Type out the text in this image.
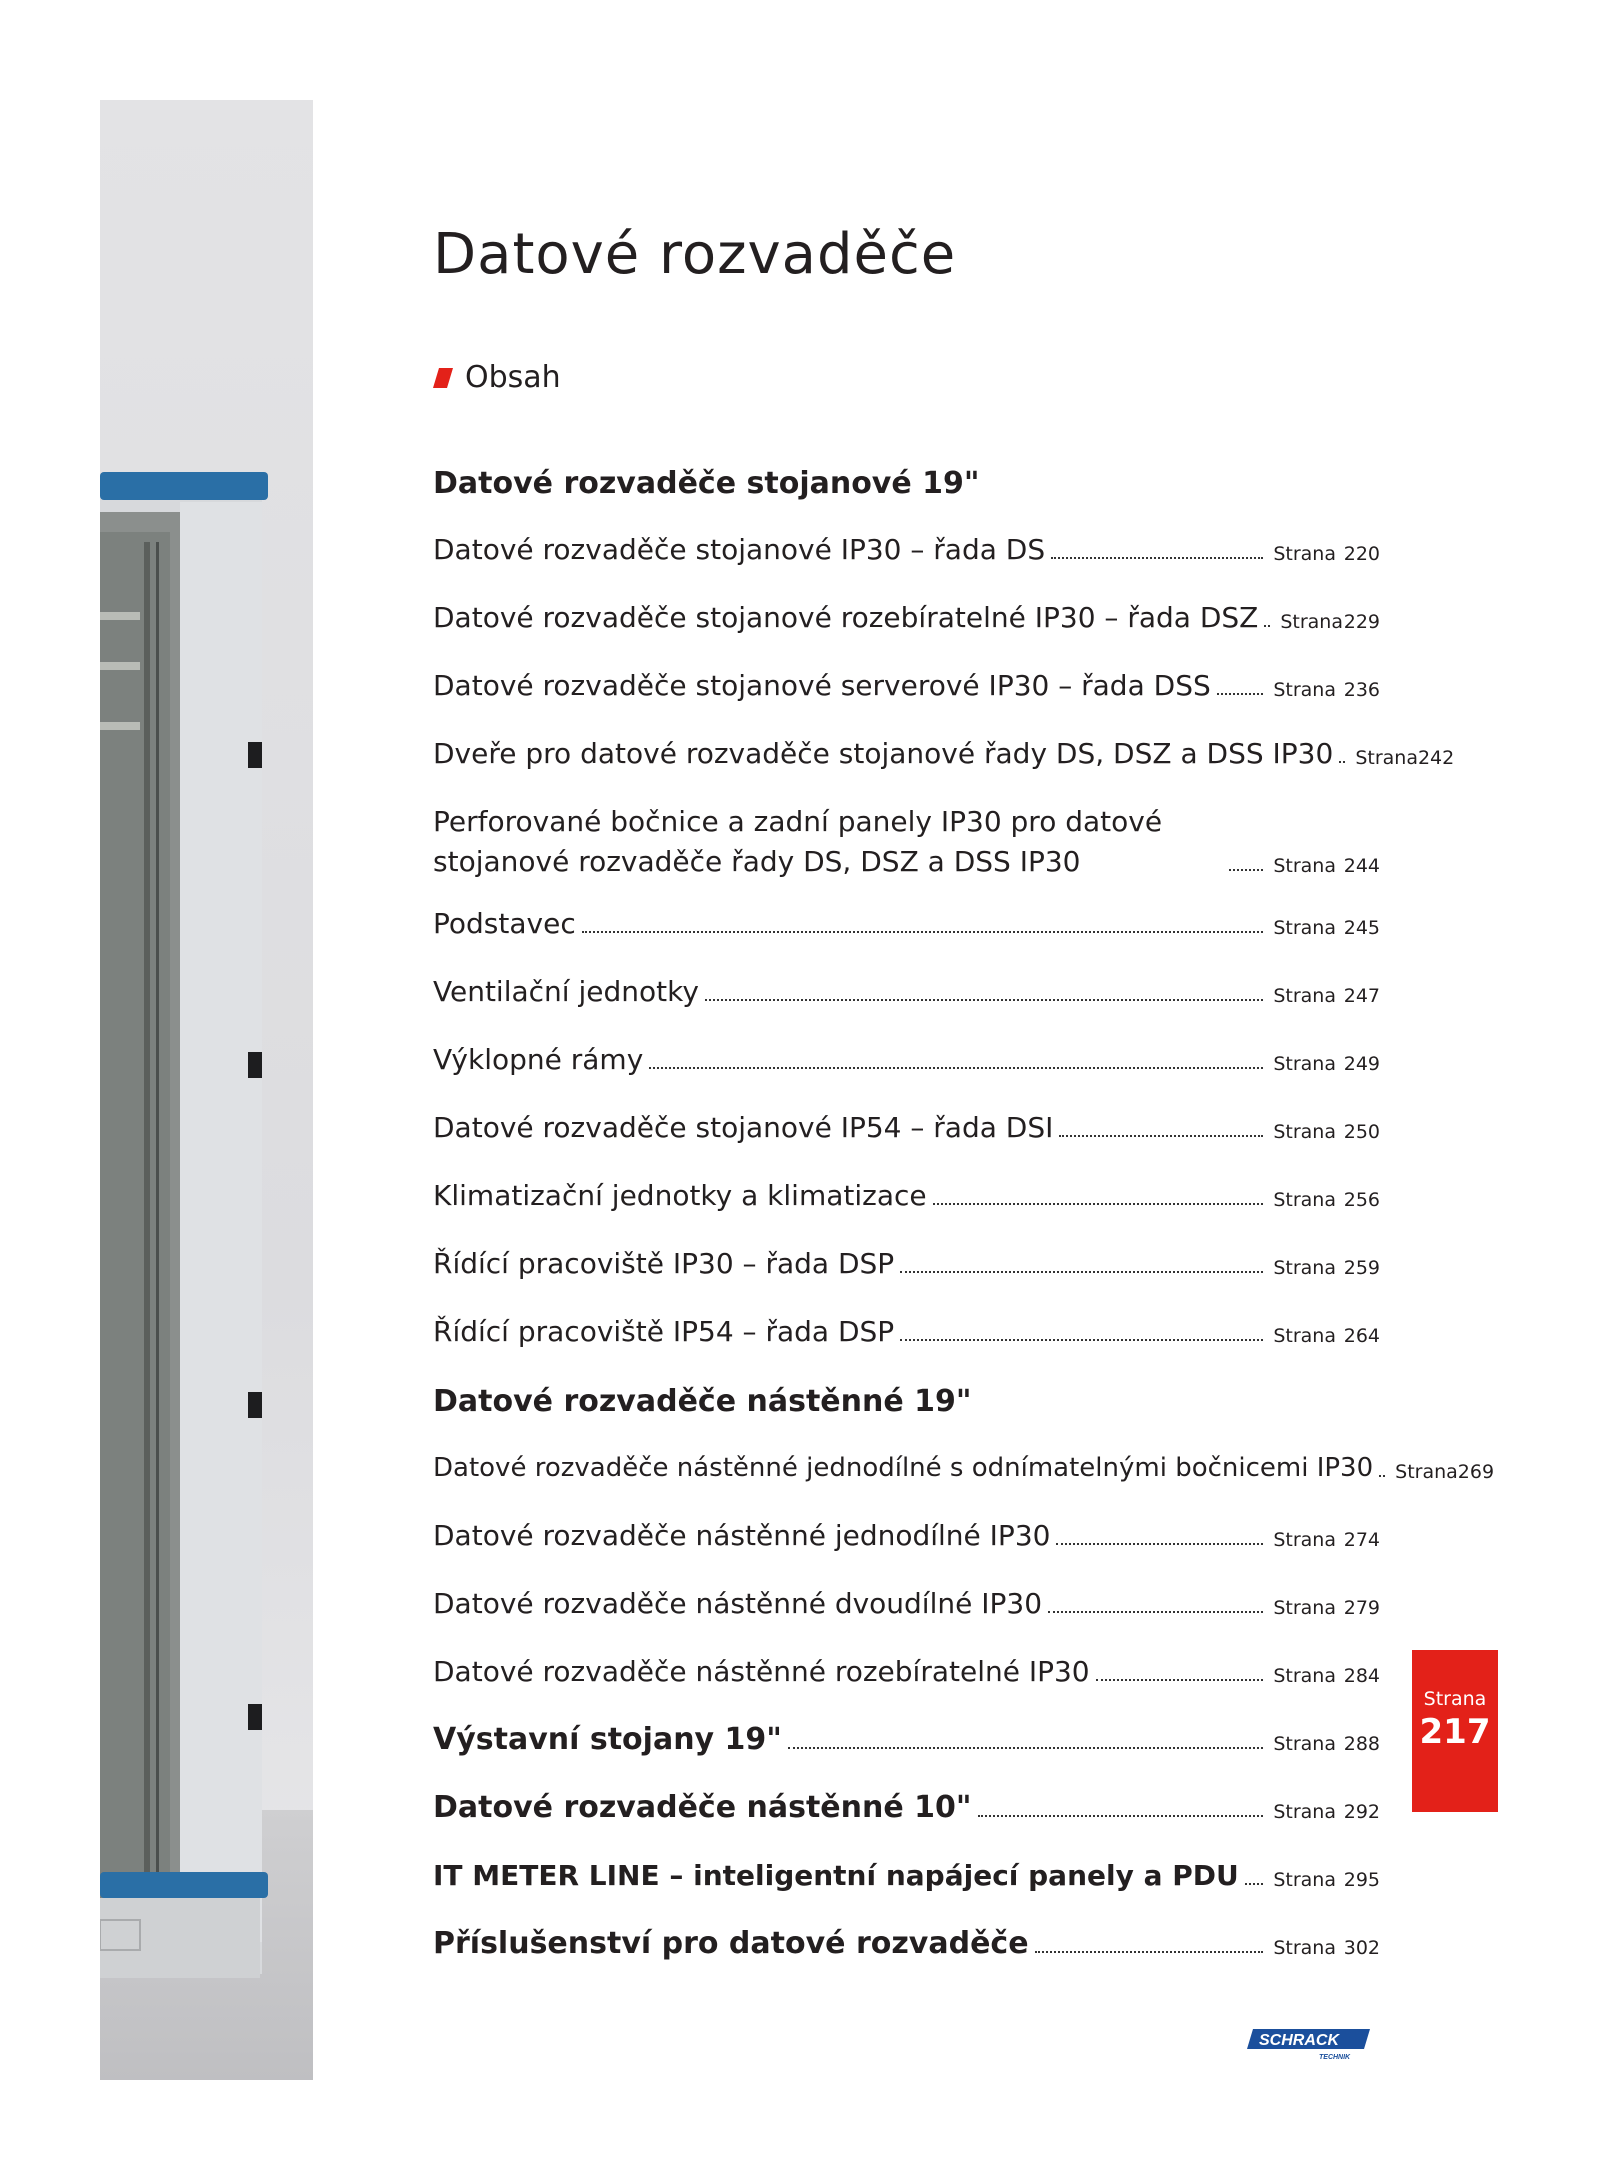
Datové rozvaděče
Obsah
Datové rozvaděče stojanové 19"
Datové rozvaděče stojanové IP30 – řada DS	Strana 220
Datové rozvaděče stojanové rozebíratelné IP30 – řada DSZ Strana 229
Datové rozvaděče stojanové serverové IP30 – řada DSS	Strana 236
Dveře pro datové rozvaděče stojanové řady DS, DSZ a DSS IP30 Strana 242
Perforované bočnice a zadní panely IP30 pro datové stojanové rozvaděče řady DS, DSZ a DSS IP30	Strana 244
Podstavec	Strana 245
Ventilační jednotky	Strana 247
Výklopné rámy	Strana 249
Datové rozvaděče stojanové IP54 – řada DSI	Strana 250
Klimatizační jednotky a klimatizace	Strana 256
Řídící pracoviště IP30 – řada DSP	Strana 259
Řídící pracoviště IP54 – řada DSP	Strana 264
Datové rozvaděče nástěnné 19"
Datové rozvaděče nástěnné jednodílné s odnímatelnými bočnicemi IP30 Strana 269
Datové rozvaděče nástěnné jednodílné IP30	Strana 274
Datové rozvaděče nástěnné dvoudílné IP30	Strana 279
Datové rozvaděče nástěnné rozebíratelné IP30	Strana 284
Výstavní stojany 19"	Strana 288
Datové rozvaděče nástěnné 10"	Strana 292
IT METER LINE – inteligentní napájecí panely a PDU Strana 295
Příslušenství pro datové rozvaděče	Strana 302
Strana
217
SCHRACK
TECHNIK
